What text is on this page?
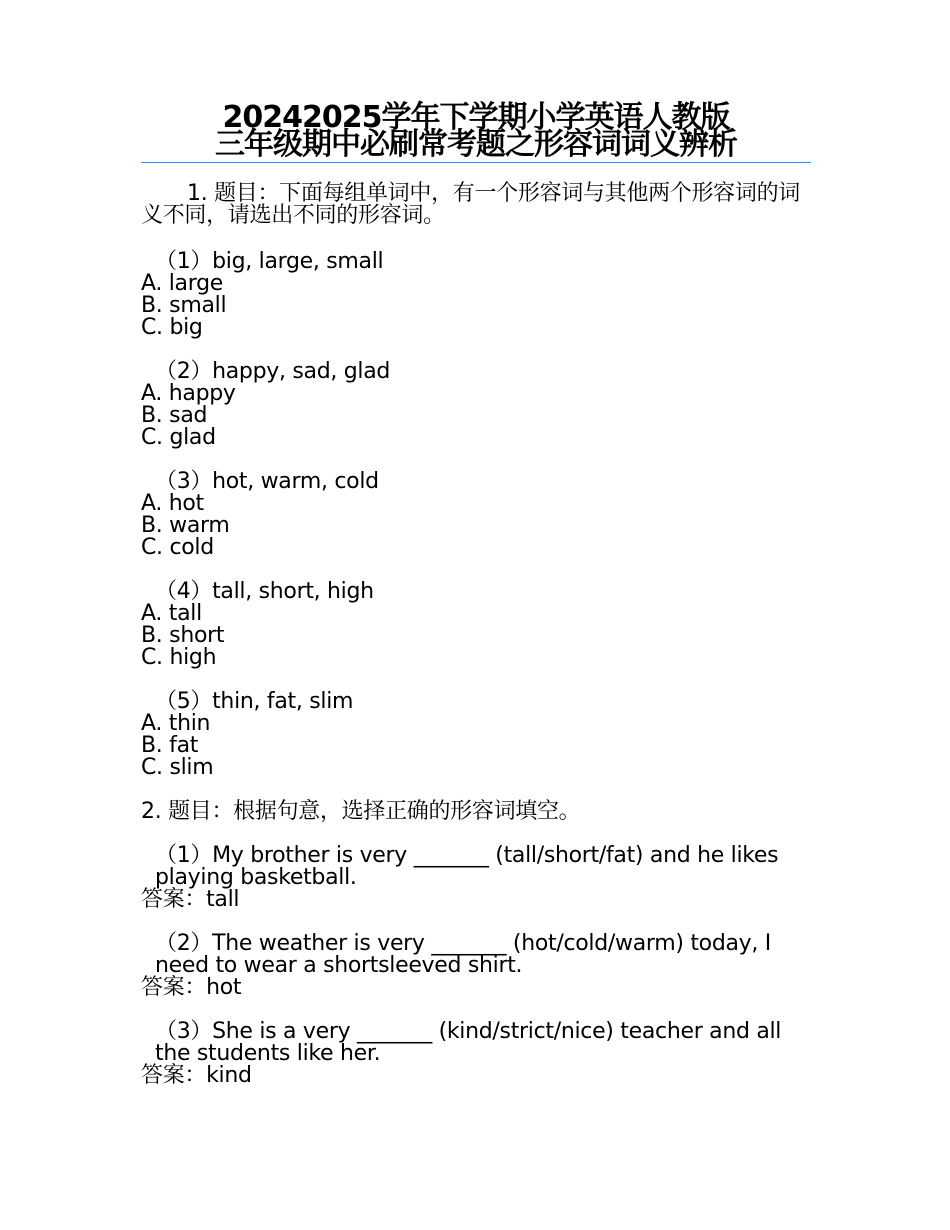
20242025学年下学期小学英语人教版
三年级期中必刷常考题之形容词词义辨析

1. 题目：下面每组单词中，有一个形容词与其他两个形容词的词义不同，请选出不同的形容词。

（1）big, large, small
A. large
B. small
C. big
（2）happy, sad, glad
A. happy
B. sad
C. glad
（3）hot, warm, cold
A. hot
B. warm
C. cold
（4）tall, short, high
A. tall
B. short
C. high
（5）thin, fat, slim
A. thin
B. fat
C. slim

2. 题目：根据句意，选择正确的形容词填空。

（1）My brother is very _______ (tall/short/fat) and he likes playing basketball.
答案：tall
（2）The weather is very _______ (hot/cold/warm) today, I need to wear a shortsleeved shirt.
答案：hot
（3）She is a very _______ (kind/strict/nice) teacher and all the students like her.
答案：kind
